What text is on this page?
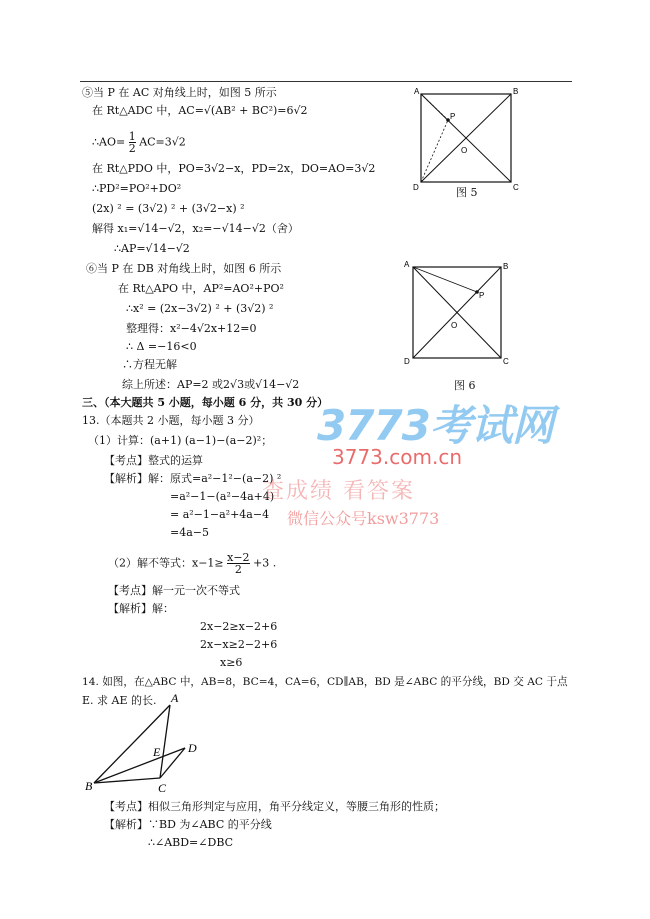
⑤当 P 在 AC 对角线上时，如图 5 所示
在 Rt△ADC 中，AC=√(AB² + BC²)=6√2
∴AO= $\frac{1}{2} AC=3√2$
在 Rt△PDO 中，PO=3√2−x，PD=2x，DO=AO=3√2
∴PD²=PO²+DO²
(2x) ² = (3√2) ² + (3√2−x) ²
解得 x₁=√14−√2，x₂=−√14−√2（舍）
∴AP=√14−√2
⑥当 P 在 DB 对角线上时，如图 6 所示
在 Rt△APO 中，AP²=AO²+PO²
∴x² = (2x−3√2) ² + (3√2) ²
整理得：x²−4√2x+12=0
∴ Δ =−16<0
∴方程无解
综上所述：AP=2 或2√3或√14−√2
三、（本大题共 5 小题，每小题 6 分，共 30 分）
13.（本题共 2 小题，每小题 3 分）
（1）计算：(a+1) (a−1)−(a−2)²；
【考点】整式的运算
【解析】解：原式=a²−1²−(a−2) ²
=a²−1−(a²−4a+4)
= a²−1−a²+4a−4
=4a−5
（2）解不等式：$x-1\ge \frac{x-2}{2} +3$ .
【考点】解一元一次不等式
【解析】解：
2x−2≥x−2+6
2x−x≥2−2+6
x≥6
14. 如图，在△ABC 中，AB=8，BC=4，CA=6，CD∥AB，BD 是∠ABC 的平分线，BD 交 AC 于点
E. 求 AE 的长.
【考点】相似三角形判定与应用，角平分线定义，等腰三角形的性质；
【解析】∵BD 为∠ABC 的平分线
∴∠ABD=∠DBC
A	B
C
D
P
O
图 5
A	B
C
D
P
O
图 6
A
B	C
D
E
3773考试网
3773.com.cn
查成绩 看答案
微信公众号ksw3773
